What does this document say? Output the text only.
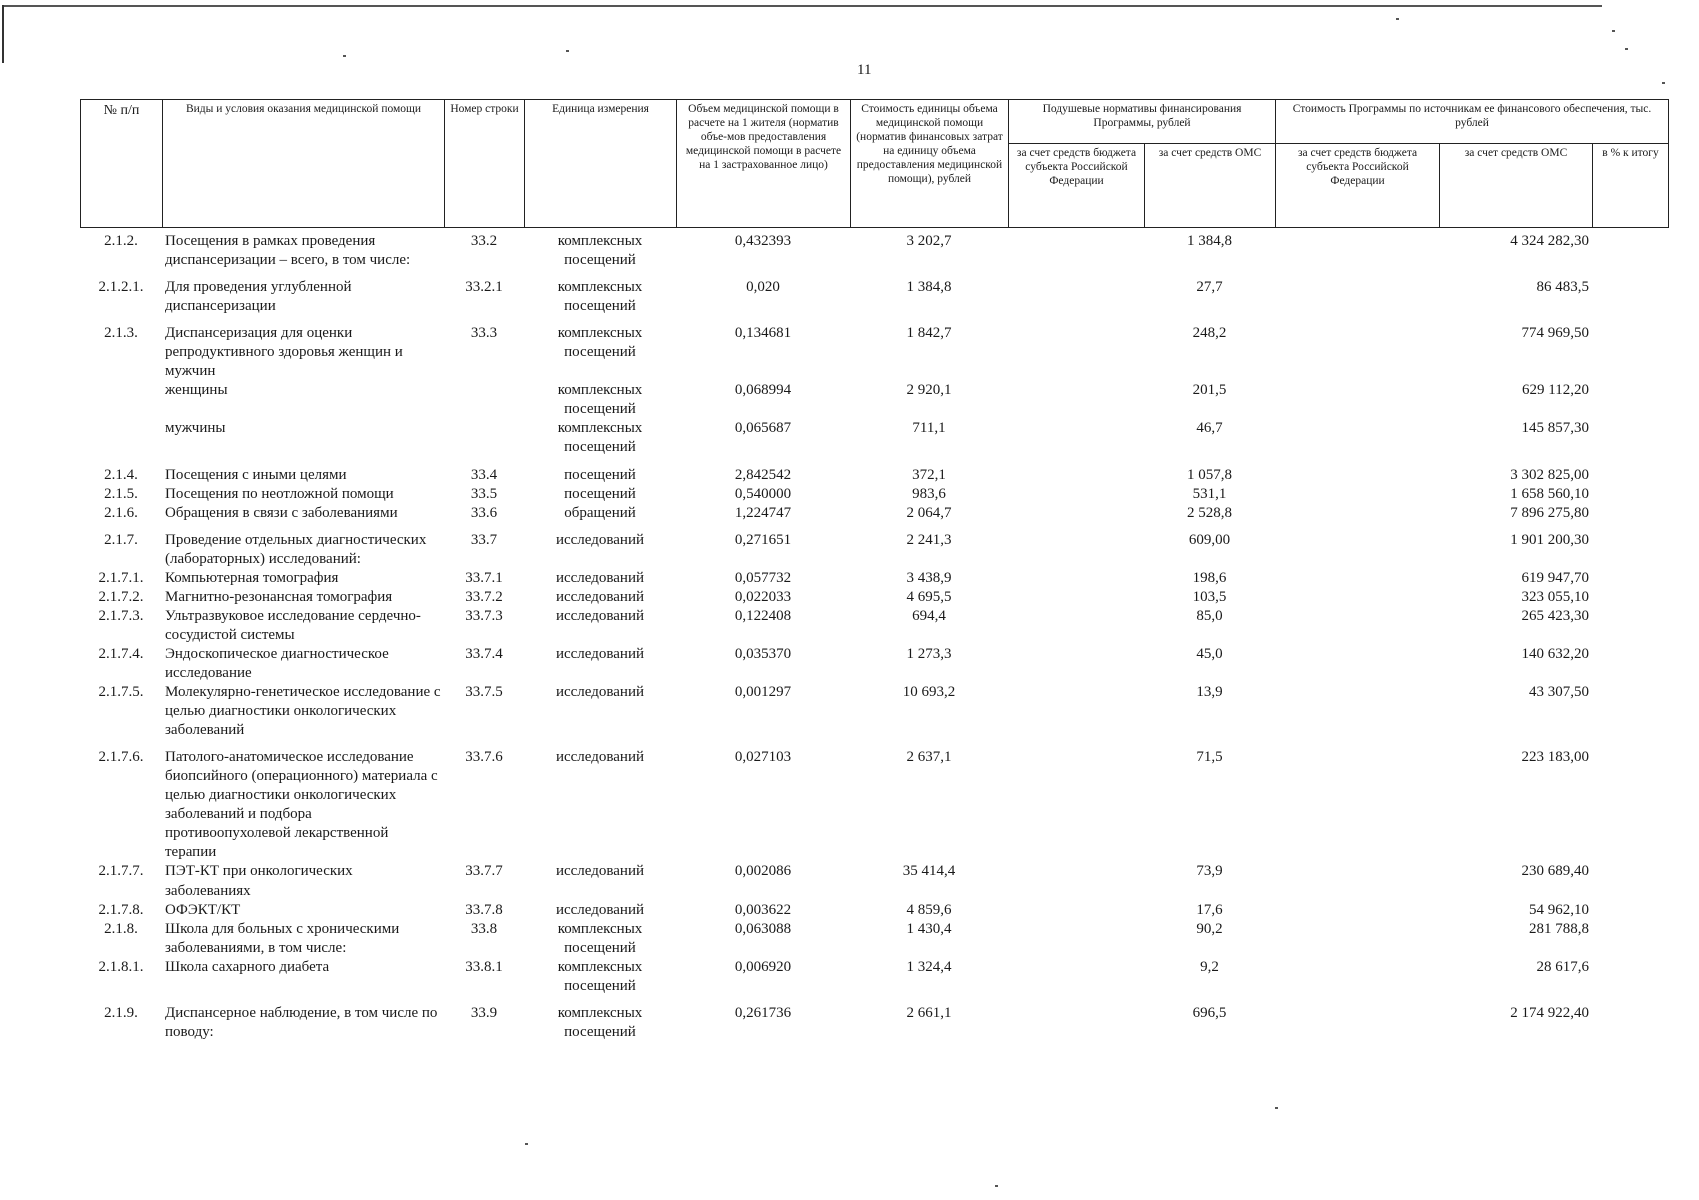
11
№ п/п	Виды и условия оказания медицинской помощи	Номер строки	Единица измерения	Объем медицинской помощи в расчете на 1 жителя (норматив объе-мов предоставления медицинской помощи в расчете на 1 застрахованное лицо)	Стоимость единицы объема медицинской помощи (норматив финансовых затрат на единицу объема предоставления медицинской помощи), рублей	Подушевые нормативы финансирования Программы, рублей		Стоимость Программы по источникам ее финансового обеспечения, тыс. рублей		
						за счет средств бюджета субъекта Российской Федерации	за счет средств ОМС	за счет средств бюджета субъекта Российской Федерации	за счет средств ОМС	в % к итогу
2.1.2.	Посещения в рамках проведения диспансеризации – всего, в том числе:	33.2	комплексных посещений	0,432393	3 202,7		1 384,8		4 324 282,30	
2.1.2.1.	Для проведения углубленной диспансеризации	33.2.1	комплексных посещений	0,020	1 384,8		27,7		86 483,5	
2.1.3.	Диспансеризация для оценки репродуктивного здоровья женщин и мужчин	33.3	комплексных посещений	0,134681	1 842,7		248,2		774 969,50	
	женщины		комплексных посещений	0,068994	2 920,1		201,5		629 112,20	
	мужчины		комплексных посещений	0,065687	711,1		46,7		145 857,30	
2.1.4.	Посещения с иными целями	33.4	посещений	2,842542	372,1		1 057,8		3 302 825,00	
2.1.5.	Посещения по неотложной помощи	33.5	посещений	0,540000	983,6		531,1		1 658 560,10	
2.1.6.	Обращения в связи с заболеваниями	33.6	обращений	1,224747	2 064,7		2 528,8		7 896 275,80	
2.1.7.	Проведение отдельных диагностических (лабораторных) исследований:	33.7	исследований	0,271651	2 241,3		609,00		1 901 200,30	
2.1.7.1.	Компьютерная томография	33.7.1	исследований	0,057732	3 438,9		198,6		619 947,70	
2.1.7.2.	Магнитно-резонансная томография	33.7.2	исследований	0,022033	4 695,5		103,5		323 055,10	
2.1.7.3.	Ультразвуковое исследование сердечно-сосудистой системы	33.7.3	исследований	0,122408	694,4		85,0		265 423,30	
2.1.7.4.	Эндоскопическое диагностическое исследование	33.7.4	исследований	0,035370	1 273,3		45,0		140 632,20	
2.1.7.5.	Молекулярно-генетическое исследование с целью диагностики онкологических заболеваний	33.7.5	исследований	0,001297	10 693,2		13,9		43 307,50	
2.1.7.6.	Патолого-анатомическое исследование биопсийного (операционного) материала с целью диагностики онкологических заболеваний и подбора противоопухолевой лекарственной терапии	33.7.6	исследований	0,027103	2 637,1		71,5		223 183,00	
2.1.7.7.	ПЭТ-КТ при онкологических заболеваниях	33.7.7	исследований	0,002086	35 414,4		73,9		230 689,40	
2.1.7.8.	ОФЭКТ/КТ	33.7.8	исследований	0,003622	4 859,6		17,6		54 962,10	
2.1.8.	Школа для больных с хроническими заболеваниями, в том числе:	33.8	комплексных посещений	0,063088	1 430,4		90,2		281 788,8	
2.1.8.1.	Школа сахарного диабета	33.8.1	комплексных посещений	0,006920	1 324,4		9,2		28 617,6	
2.1.9.	Диспансерное наблюдение, в том числе по поводу:	33.9	комплексных посещений	0,261736	2 661,1		696,5		2 174 922,40	
